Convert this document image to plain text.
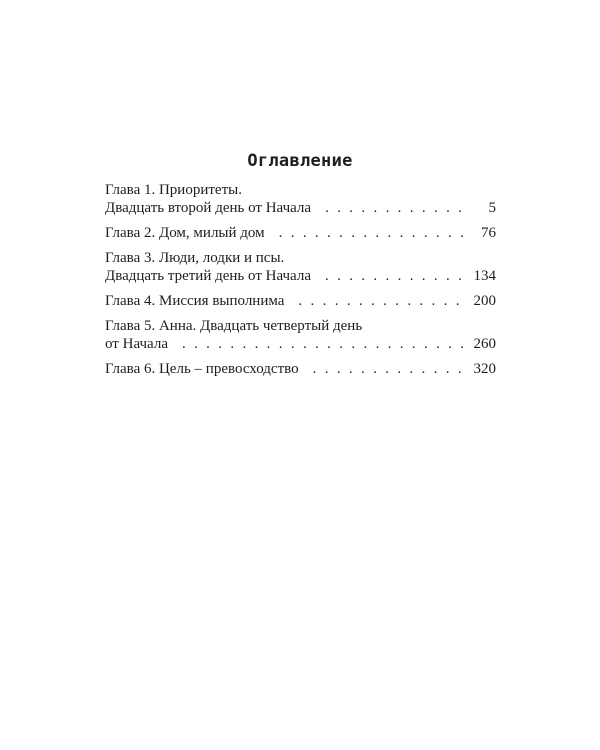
Оглавление
Глава 1. Приоритеты.
Двадцать второй день от Начала . . .	5
Глава 2. Дом, милый дом . . .	76
Глава 3. Люди, лодки и псы.
Двадцать третий день от Начала . . .	134
Глава 4. Миссия выполнима . . .	200
Глава 5. Анна. Двадцать четвертый день
от Начала . . .	260
Глава 6. Цель – превосходство . . .	320
